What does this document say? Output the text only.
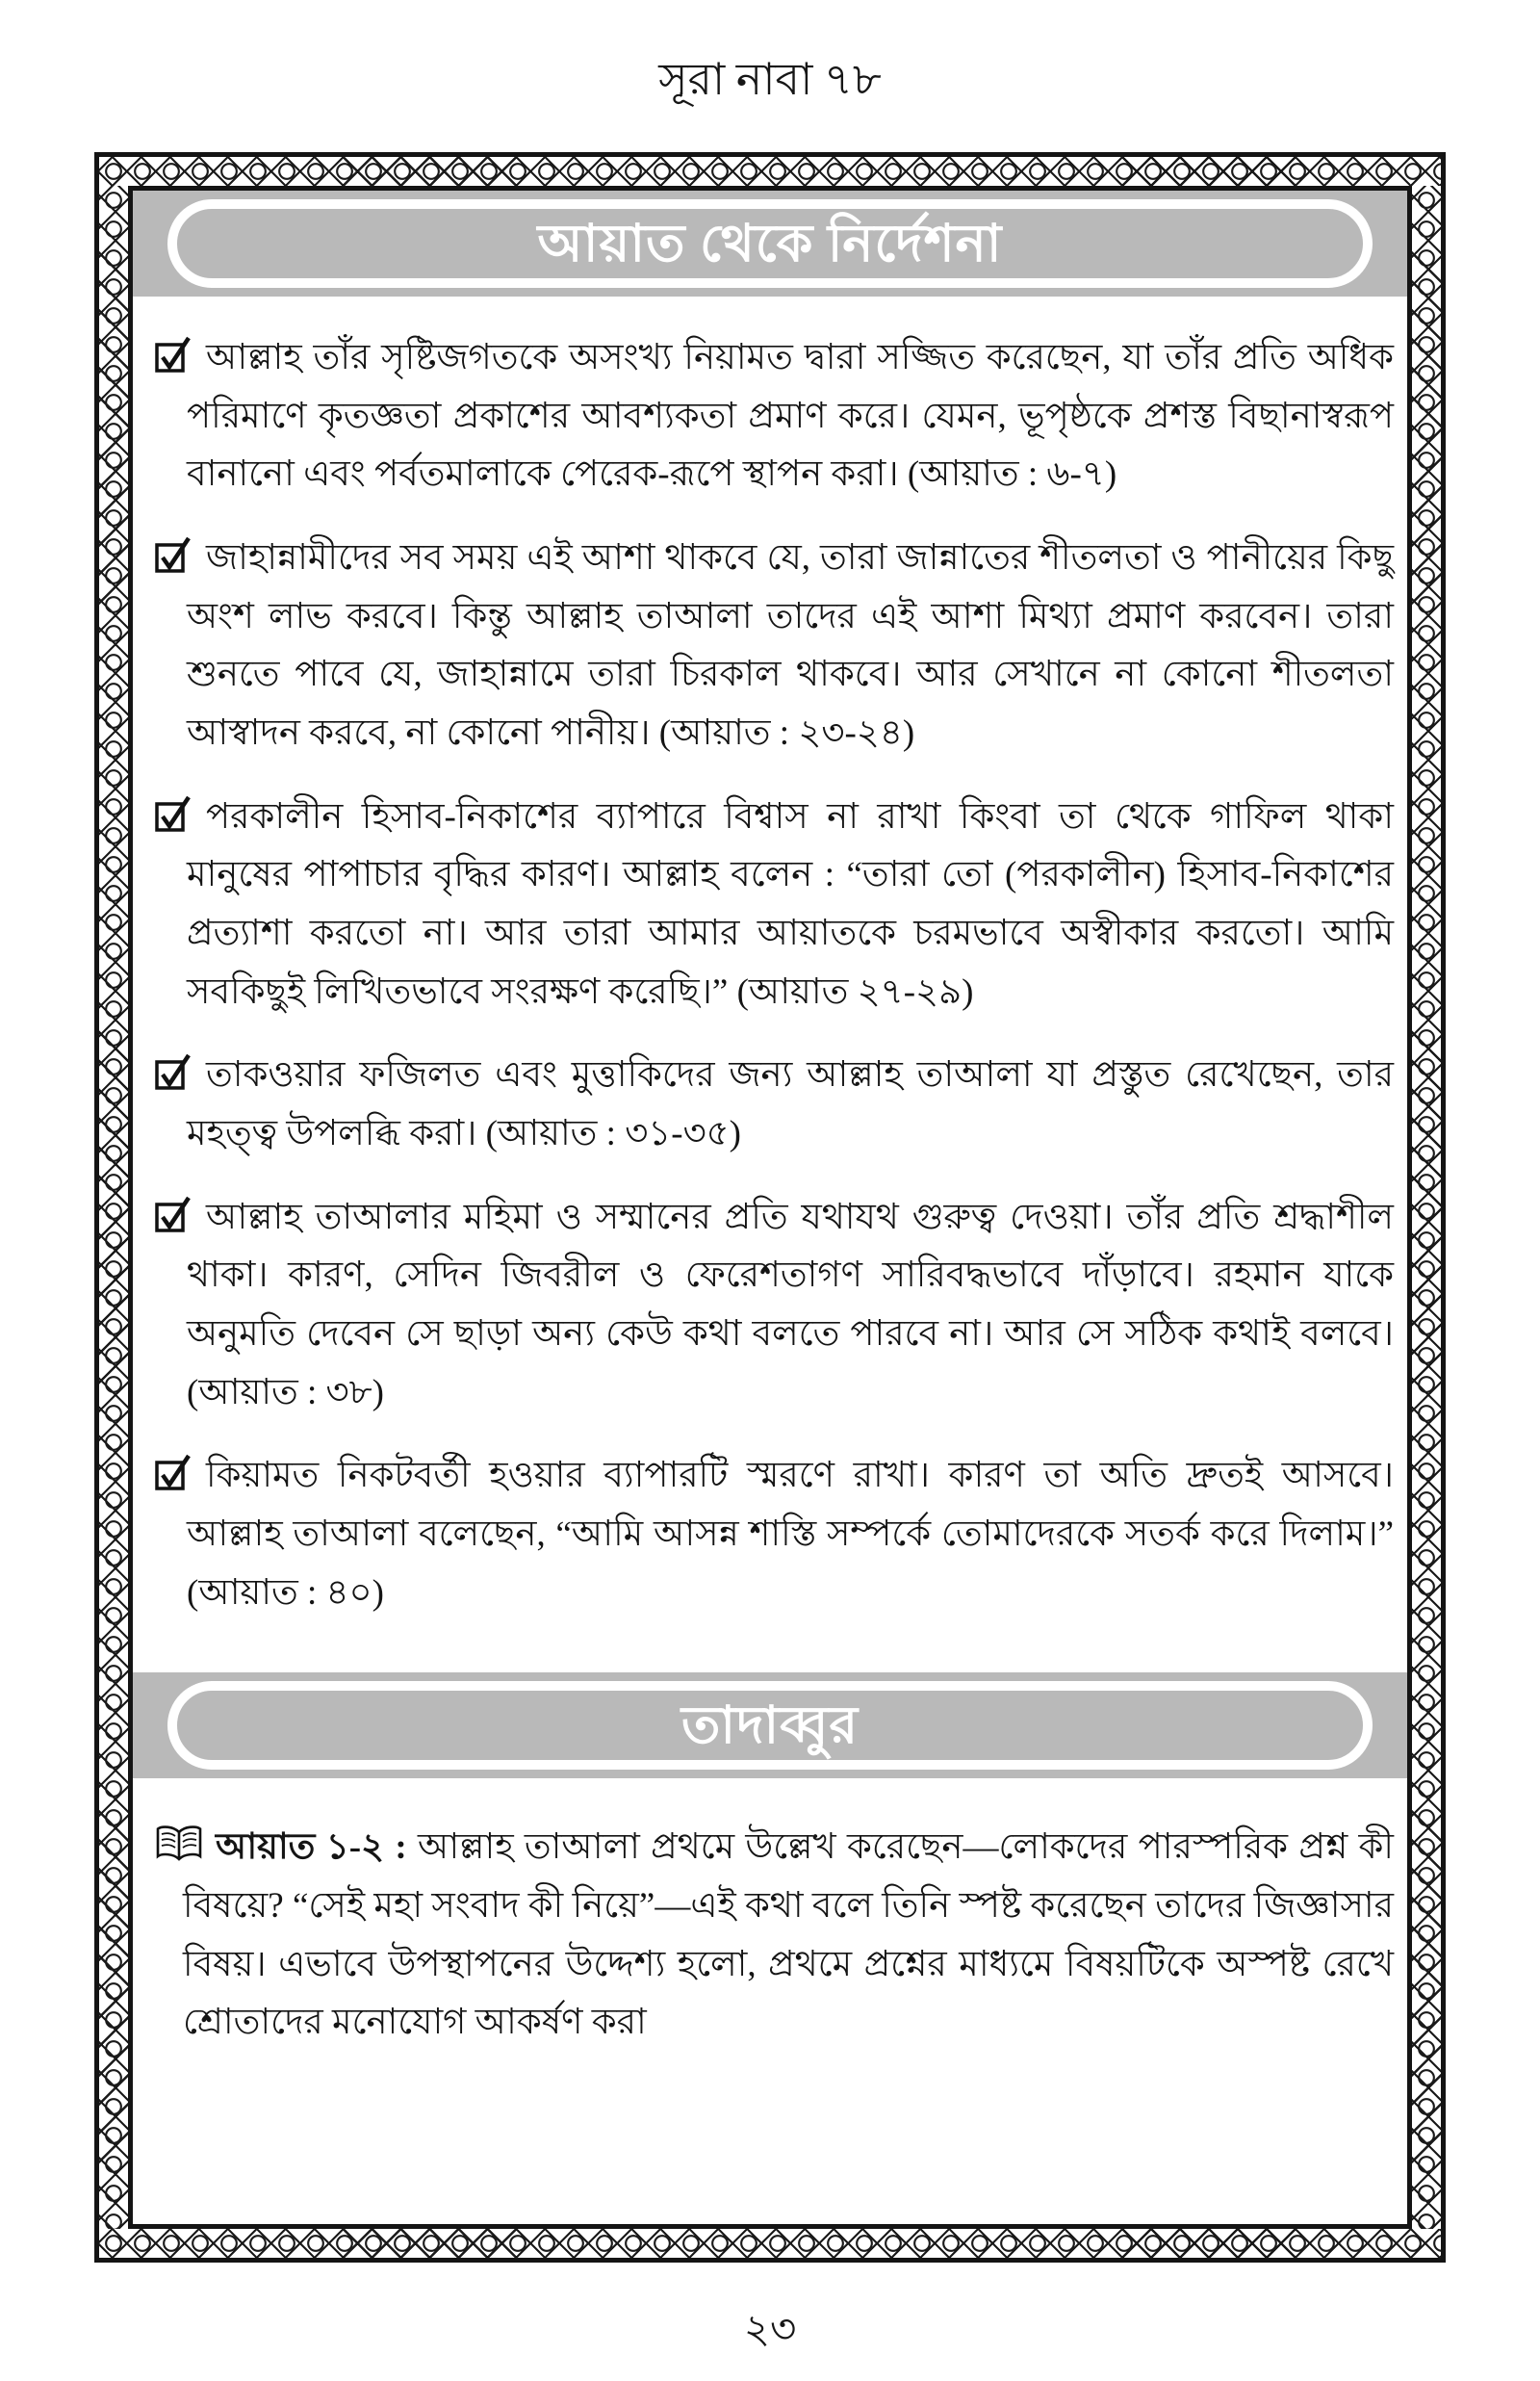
সূরা নাবা ৭৮
আয়াত থেকে নির্দেশনা
আল্লাহ তাঁর সৃষ্টিজগতকে অসংখ্য নিয়ামত দ্বারা সজ্জিত করেছেন, যা তাঁর প্রতি অধিক পরিমাণে কৃতজ্ঞতা প্রকাশের আবশ্যকতা প্রমাণ করে। যেমন, ভূপৃষ্ঠকে প্রশস্ত বিছানাস্বরূপ বানানো এবং পর্বতমালাকে পেরেক-রূপে স্থাপন করা। (আয়াত : ৬-৭)
জাহান্নামীদের সব সময় এই আশা থাকবে যে, তারা জান্নাতের শীতলতা ও পানীয়ের কিছু অংশ লাভ করবে। কিন্তু আল্লাহ তাআলা তাদের এই আশা মিথ্যা প্রমাণ করবেন। তারা শুনতে পাবে যে, জাহান্নামে তারা চিরকাল থাকবে। আর সেখানে না কোনো শীতলতা আস্বাদন করবে, না কোনো পানীয়। (আয়াত : ২৩-২৪)
পরকালীন হিসাব-নিকাশের ব্যাপারে বিশ্বাস না রাখা কিংবা তা থেকে গাফিল থাকা মানুষের পাপাচার বৃদ্ধির কারণ। আল্লাহ বলেন : “তারা তো (পরকালীন) হিসাব-নিকাশের প্রত্যাশা করতো না। আর তারা আমার আয়াতকে চরমভাবে অস্বীকার করতো। আমি সবকিছুই লিখিতভাবে সংরক্ষণ করেছি।” (আয়াত ২৭-২৯)
তাকওয়ার ফজিলত এবং মুত্তাকিদের জন্য আল্লাহ তাআলা যা প্রস্তুত রেখেছেন, তার মহত্ত্ব উপলব্ধি করা। (আয়াত : ৩১-৩৫)
আল্লাহ তাআলার মহিমা ও সম্মানের প্রতি যথাযথ গুরুত্ব দেওয়া। তাঁর প্রতি শ্রদ্ধাশীল থাকা। কারণ, সেদিন জিবরীল ও ফেরেশতাগণ সারিবদ্ধভাবে দাঁড়াবে। রহমান যাকে অনুমতি দেবেন সে ছাড়া অন্য কেউ কথা বলতে পারবে না। আর সে সঠিক কথাই বলবে। (আয়াত : ৩৮)
কিয়ামত নিকটবর্তী হওয়ার ব্যাপারটি স্মরণে রাখা। কারণ তা অতি দ্রুতই আসবে। আল্লাহ তাআলা বলেছেন, “আমি আসন্ন শাস্তি সম্পর্কে তোমাদেরকে সতর্ক করে দিলাম।” (আয়াত : ৪০)
তাদাব্বুর
আয়াত ১-২ : আল্লাহ তাআলা প্রথমে উল্লেখ করেছেন—লোকদের পারস্পরিক প্রশ্ন কী বিষয়ে? “সেই মহা সংবাদ কী নিয়ে”—এই কথা বলে তিনি স্পষ্ট করেছেন তাদের জিজ্ঞাসার বিষয়। এভাবে উপস্থাপনের উদ্দেশ্য হলো, প্রথমে প্রশ্নের মাধ্যমে বিষয়টিকে অস্পষ্ট রেখে শ্রোতাদের মনোযোগ আকর্ষণ করা
২৩
